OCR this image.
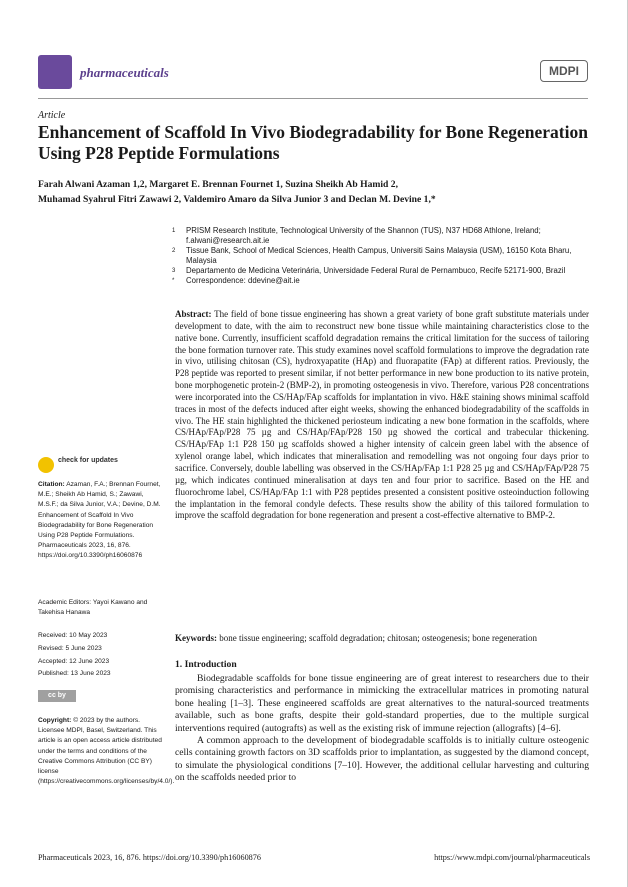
pharmaceuticals	MDPI
Article
Enhancement of Scaffold In Vivo Biodegradability for Bone Regeneration Using P28 Peptide Formulations
Farah Alwani Azaman 1,2, Margaret E. Brennan Fournet 1, Suzina Sheikh Ab Hamid 2,
Muhamad Syahrul Fitri Zawawi 2, Valdemiro Amaro da Silva Junior 3 and Declan M. Devine 1,*
1	PRISM Research Institute, Technological University of the Shannon (TUS), N37 HD68 Athlone, Ireland; f.alwani@research.ait.ie
2	Tissue Bank, School of Medical Sciences, Health Campus, Universiti Sains Malaysia (USM), 16150 Kota Bharu, Malaysia
3	Departamento de Medicina Veterinária, Universidade Federal Rural de Pernambuco, Recife 52171-900, Brazil
*	Correspondence: ddevine@ait.ie
Abstract: The field of bone tissue engineering has shown a great variety of bone graft substitute materials under development to date, with the aim to reconstruct new bone tissue while maintaining characteristics close to the native bone. Currently, insufficient scaffold degradation remains the critical limitation for the success of tailoring the bone formation turnover rate. This study examines novel scaffold formulations to improve the degradation rate in vivo, utilising chitosan (CS), hydroxyapatite (HAp) and fluorapatite (FAp) at different ratios. Previously, the P28 peptide was reported to present similar, if not better performance in new bone production to its native protein, bone morphogenetic protein-2 (BMP-2), in promoting osteogenesis in vivo. Therefore, various P28 concentrations were incorporated into the CS/HAp/FAp scaffolds for implantation in vivo. H&E staining shows minimal scaffold traces in most of the defects induced after eight weeks, showing the enhanced biodegradability of the scaffolds in vivo. The HE stain highlighted the thickened periosteum indicating a new bone formation in the scaffolds, where CS/HAp/FAp/P28 75 µg and CS/HAp/FAp/P28 150 µg showed the cortical and trabecular thickening. CS/HAp/FAp 1:1 P28 150 µg scaffolds showed a higher intensity of calcein green label with the absence of xylenol orange label, which indicates that mineralisation and remodelling was not ongoing four days prior to sacrifice. Conversely, double labelling was observed in the CS/HAp/FAp 1:1 P28 25 µg and CS/HAp/FAp/P28 75 µg, which indicates continued mineralisation at days ten and four prior to sacrifice. Based on the HE and fluorochrome label, CS/HAp/FAp 1:1 with P28 peptides presented a consistent positive osteoinduction following the implantation in the femoral condyle defects. These results show the ability of this tailored formulation to improve the scaffold degradation for bone regeneration and present a cost-effective alternative to BMP-2.
Keywords: bone tissue engineering; scaffold degradation; chitosan; osteogenesis; bone regeneration
check for updates
Citation: Azaman, F.A.; Brennan Fournet, M.E.; Sheikh Ab Hamid, S.; Zawawi, M.S.F.; da Silva Junior, V.A.; Devine, D.M. Enhancement of Scaffold In Vivo Biodegradability for Bone Regeneration Using P28 Peptide Formulations. Pharmaceuticals 2023, 16, 876. https://doi.org/10.3390/ph16060876
Academic Editors: Yayoi Kawano and Takehisa Hanawa
Received: 10 May 2023
Revised: 5 June 2023
Accepted: 12 June 2023
Published: 13 June 2023
cc by
Copyright: © 2023 by the authors. Licensee MDPI, Basel, Switzerland. This article is an open access article distributed under the terms and conditions of the Creative Commons Attribution (CC BY) license (https://creativecommons.org/licenses/by/4.0/).
1. Introduction

Biodegradable scaffolds for bone tissue engineering are of great interest to researchers due to their promising characteristics and performance in mimicking the extracellular matrices in promoting natural bone healing [1–3]. These engineered scaffolds are great alternatives to the natural-sourced treatments available, such as bone grafts, despite their gold-standard properties, due to the multiple surgical interventions required (autografts) as well as the existing risk of immune rejection (allografts) [4–6].

A common approach to the development of biodegradable scaffolds is to initially culture osteogenic cells containing growth factors on 3D scaffolds prior to implantation, as suggested by the diamond concept, to simulate the physiological conditions [7–10]. However, the additional cellular harvesting and culturing on the scaffolds needed prior to

Pharmaceuticals 2023, 16, 876. https://doi.org/10.3390/ph16060876	https://www.mdpi.com/journal/pharmaceuticals
